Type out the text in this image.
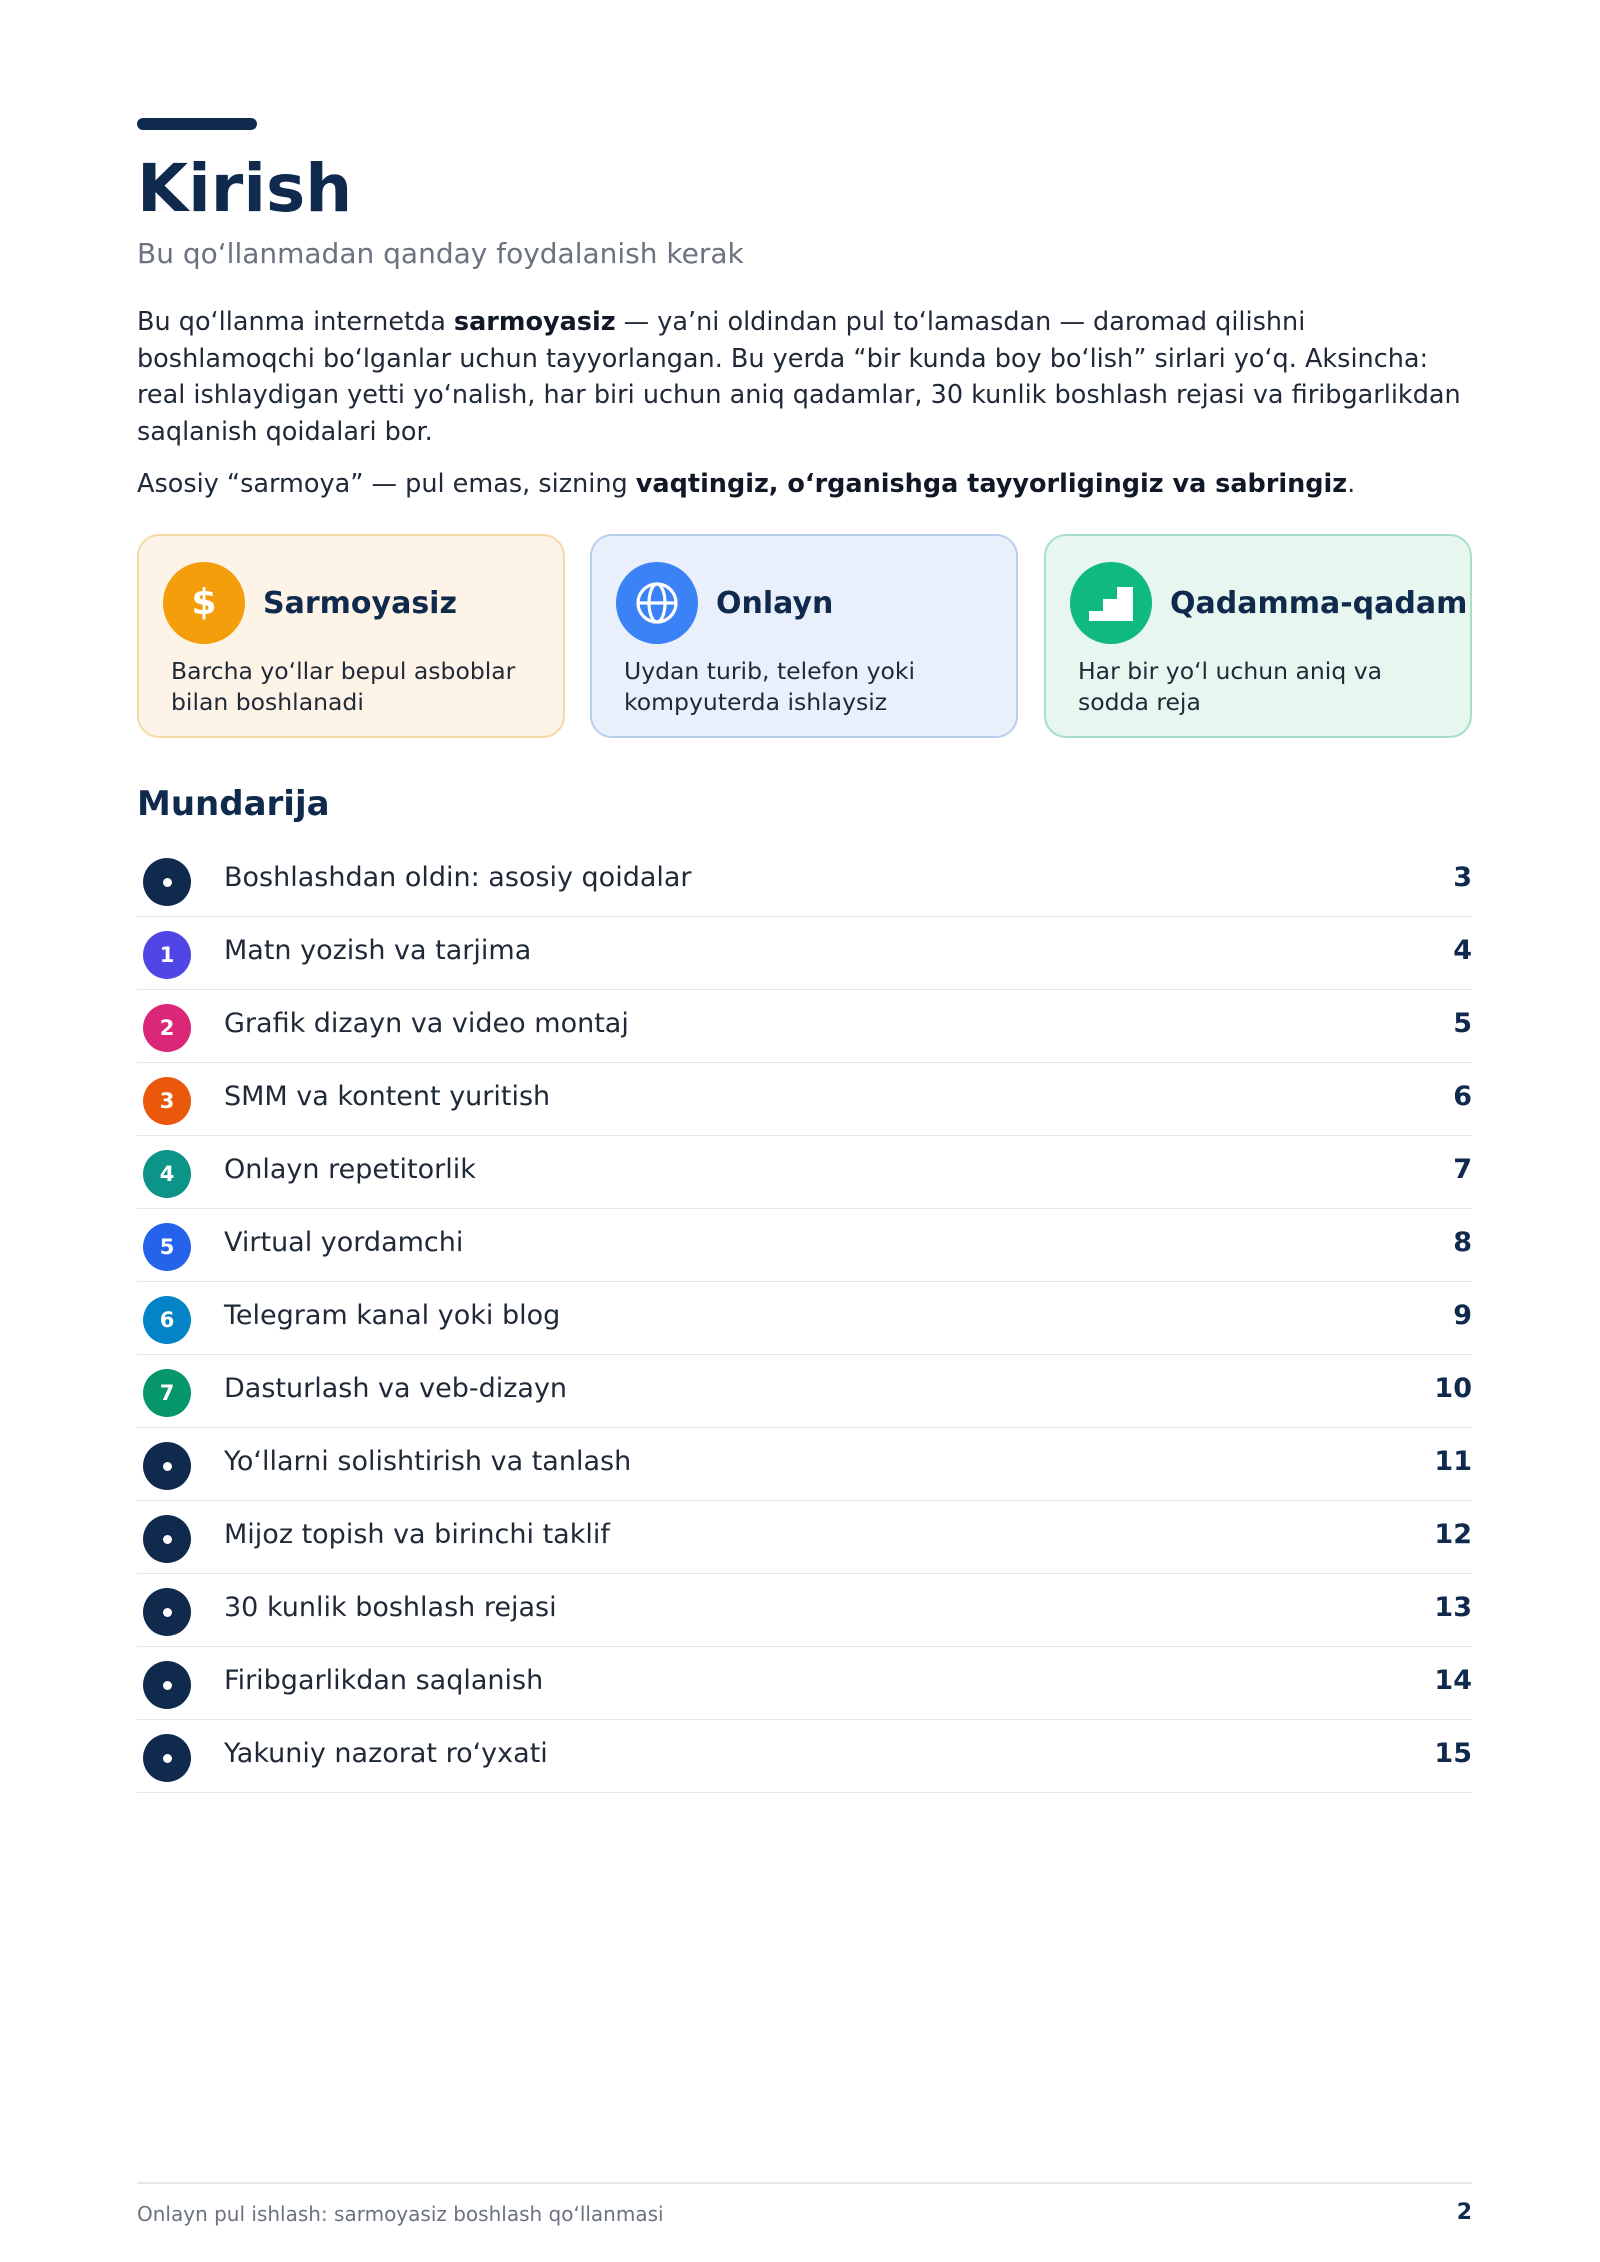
Kirish
Bu qo‘llanmadan qanday foydalanish kerak

Bu qo‘llanma internetda sarmoyasiz — ya’ni oldindan pul to‘lamasdan — daromad qilishni boshlamoqchi bo‘lganlar uchun tayyorlangan. Bu yerda “bir kunda boy bo‘lish” sirlari yo‘q. Aksincha: real ishlaydigan yetti yo‘nalish, har biri uchun aniq qadamlar, 30 kunlik boshlash rejasi va firibgarlikdan saqlanish qoidalari bor.

Asosiy “sarmoya” — pul emas, sizning vaqtingiz, o‘rganishga tayyorligingiz va sabringiz.

$ Sarmoyasiz
Barcha yo‘llar bepul asboblar bilan boshlanadi
Onlayn
Uydan turib, telefon yoki kompyuterda ishlaysiz
Qadamma-qadam
Har bir yo‘l uchun aniq va sodda reja
Mundarija
Boshlashdan oldin: asosiy qoidalar	3
1	Matn yozish va tarjima	4
2	Grafik dizayn va video montaj	5
3	SMM va kontent yuritish	6
4	Onlayn repetitorlik	7
5	Virtual yordamchi	8
6	Telegram kanal yoki blog	9
7	Dasturlash va veb-dizayn	10
Yo‘llarni solishtirish va tanlash	11
Mijoz topish va birinchi taklif	12
30 kunlik boshlash rejasi	13
Firibgarlikdan saqlanish	14
Yakuniy nazorat ro‘yxati	15
Onlayn pul ishlash: sarmoyasiz boshlash qo‘llanmasi	2
